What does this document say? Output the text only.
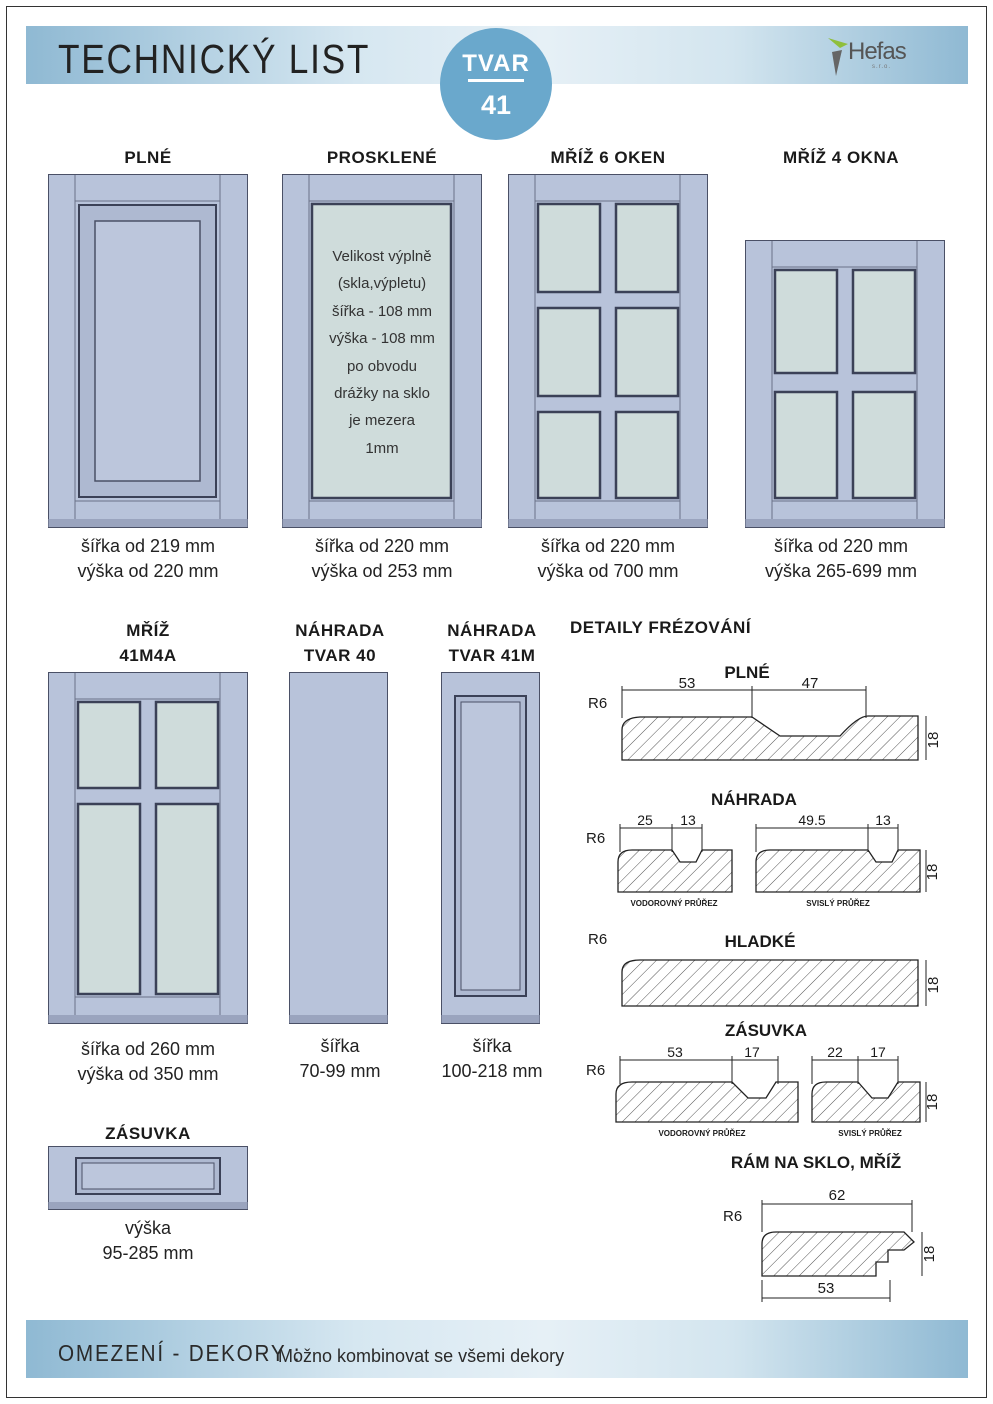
TECHNICKÝ LIST	TVAR
41
Hefas
s.r.o.
PLNÉ	PROSKLENÉ	MŘÍŽ 6 OKEN	MŘÍŽ 4 OKNA
Velikost výplně
(skla,výpletu)
šířka - 108 mm
výška - 108 mm
po obvodu
drážky na sklo
je mezera
1mm
šířka od 219 mm
výška od 220 mm
šířka od 220 mm
výška od 253 mm
šířka od 220 mm
výška od 700 mm
šířka od 220 mm
výška 265-699 mm
MŘÍŽ
41M4A
NÁHRADA
TVAR 40
NÁHRADA
TVAR 41M
šířka od 260 mm
výška od 350 mm
šířka
70-99 mm
šířka
100-218 mm
ZÁSUVKA
výška
95-285 mm
DETAILY FRÉZOVÁNÍ
PLNÉ
53	47
R6
18
NÁHRADA
25 13
R6
VODOROVNÝ PRŮŘEZ
49.5	13
18
SVISLÝ PRŮŘEZ
HLADKÉ
R6
18
ZÁSUVKA
53	17
R6
VODOROVNÝ PRŮŘEZ
22 17
18
SVISLÝ PRŮŘEZ
RÁM NA SKLO, MŘÍŽ
62
R6
18
53
OMEZENÍ - DEKORY :
Možno kombinovat se všemi dekory
